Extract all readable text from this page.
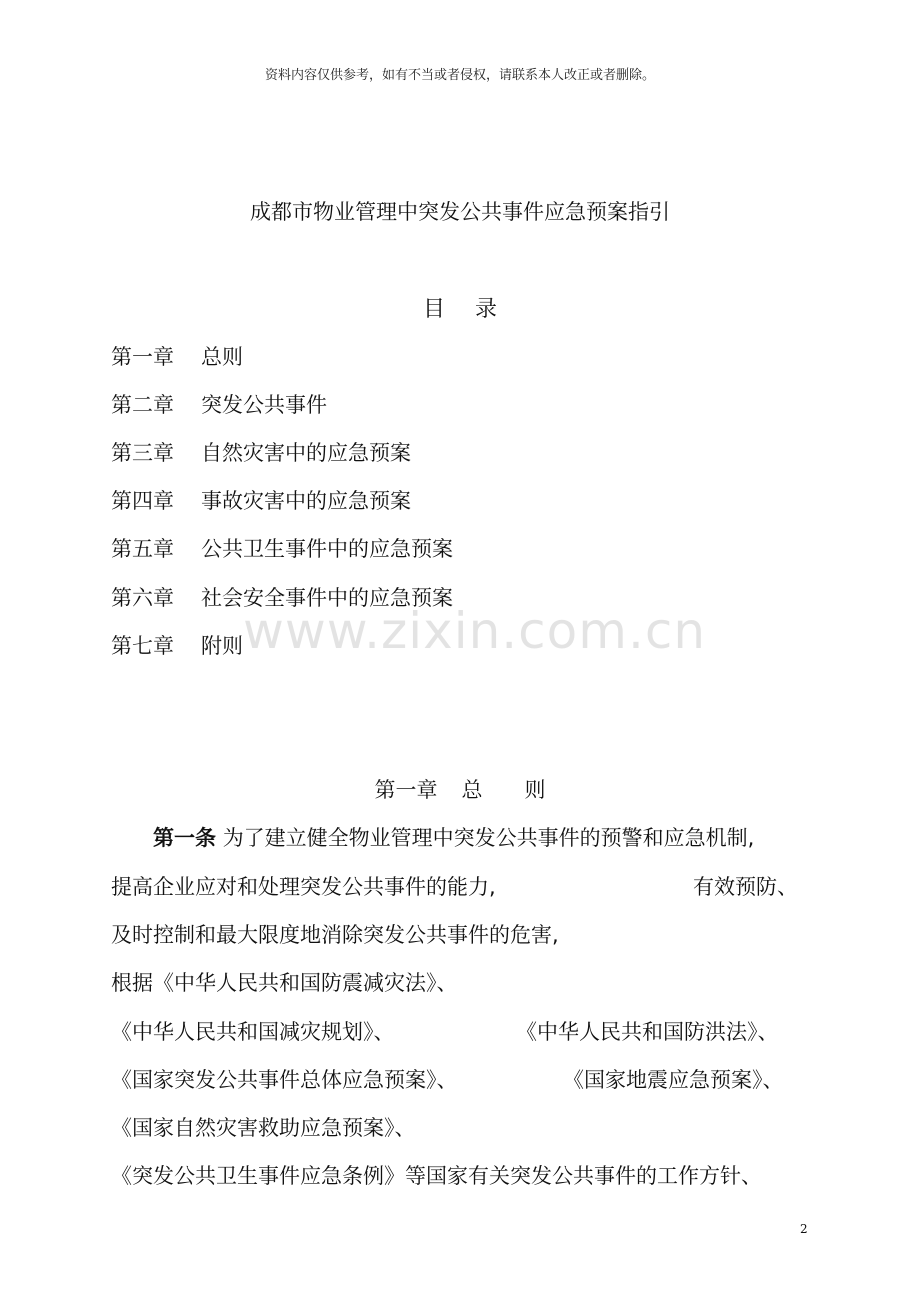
资料内容仅供参考，如有不当或者侵权，请联系本人改正或者删除。
成都市物业管理中突发公共事件应急预案指引
目录
第一章 总则
第二章 突发公共事件
第三章 自然灾害中的应急预案
第四章 事故灾害中的应急预案
第五章 公共卫生事件中的应急预案
第六章 社会安全事件中的应急预案
第七章 附则 www.zixin.com.cn
第一章 总 则
第一条 为了建立健全物业管理中突发公共事件的预警和应急机制,
提高企业应对和处理突发公共事件的能力,	有效预防、
及时控制和最大限度地消除突发公共事件的危害,
根据《中华人民共和国防震减灾法》、
《中华人民共和国减灾规划》、	《中华人民共和国防洪法》、
《国家突发公共事件总体应急预案》、	《国家地震应急预案》、
《国家自然灾害救助应急预案》、
《突发公共卫生事件应急条例》等国家有关突发公共事件的工作方针、
2
